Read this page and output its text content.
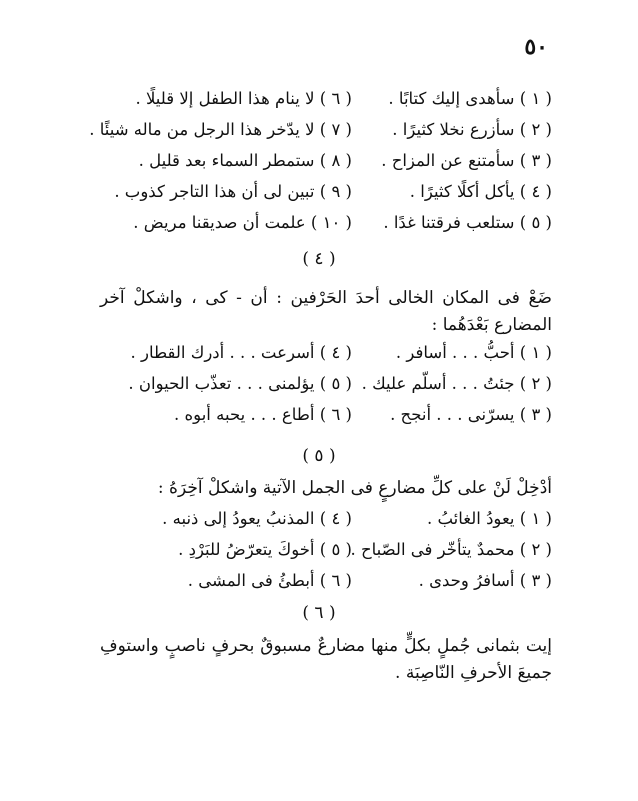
٥٠
( ١ ) سأهدى إليك كتابًا .
( ٦ ) لا ينام هذا الطفل إلا قليلًا .
( ٢ ) سأزرع نخلا كثيرًا .
( ٧ ) لا يدّخر هذا الرجل من ماله شيئًا .
( ٣ ) سأمتنع عن المزاح .
( ٨ ) ستمطر السماء بعد قليل .
( ٤ ) يأكل أكلًا كثيرًا .
( ٩ ) تبين لى أن هذا التاجر كذوب .
( ٥ ) ستلعب فرقتنا غدًا .
( ١٠ ) علمت أن صديقنا مريض .
( ٤ )
ضَعْ فى المكان الخالى أحدَ الحَرْفين : أن - كى ، واشكلْ آخر المضارع بَعْدَهُما :
( ١ ) أحبُّ . . . أسافر .
( ٤ ) أسرعت . . . أدرك القطار .
( ٢ ) جئتُ . . . أسلّم عليك .
( ٥ ) يؤلمنى . . . تعذّب الحيوان .
( ٣ ) يسرّنى . . . أنجح .
( ٦ ) أطاع . . . يحبه أبوه .
( ٥ )
أدْخِلْ لَنْ على كلِّ مضارعٍ فى الجمل الآتية واشكلْ آخِرَهُ :
( ١ ) يعودُ الغائبُ .
( ٤ ) المذنبُ يعودُ إلى ذنبه .
( ٢ ) محمدٌ يتأخّر فى الصّباح .
( ٥ ) أخوكَ يتعرّضُ للبَرْدِ .
( ٣ ) أسافرُ وحدى .
( ٦ ) أبطئُ فى المشى .
( ٦ )
إيت بثمانى جُملٍ بكلٍّ منها مضارعٌ مسبوقٌ بحرفٍ ناصبٍ واستوفِ جميعَ الأحرفِ النّاصِبَة .
